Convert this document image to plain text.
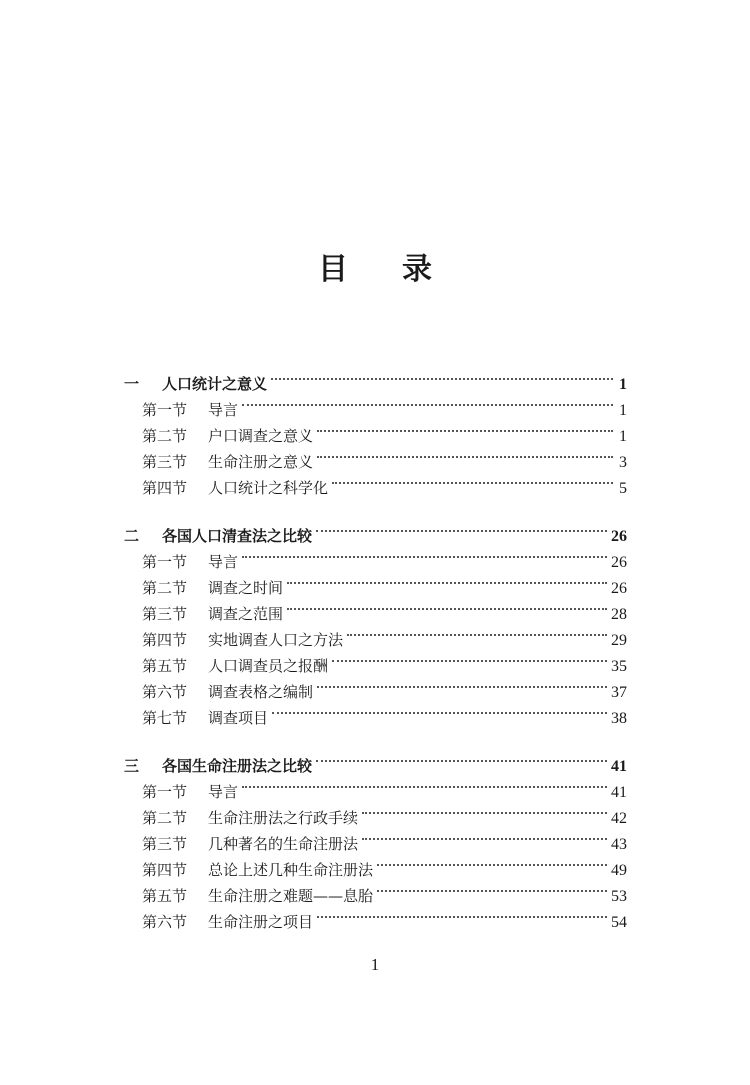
目 录
一	人口统计之意义	1
第一节	导言	1
第二节	户口调查之意义	1
第三节	生命注册之意义	3
第四节	人口统计之科学化	5
二	各国人口清查法之比较	26
第一节	导言	26
第二节	调查之时间	26
第三节	调查之范围	28
第四节	实地调查人口之方法	29
第五节	人口调查员之报酬	35
第六节	调查表格之编制	37
第七节	调查项目	38
三	各国生命注册法之比较	41
第一节	导言	41
第二节	生命注册法之行政手续	42
第三节	几种著名的生命注册法	43
第四节	总论上述几种生命注册法	49
第五节	生命注册之难题——息胎	53
第六节	生命注册之项目	54
1
